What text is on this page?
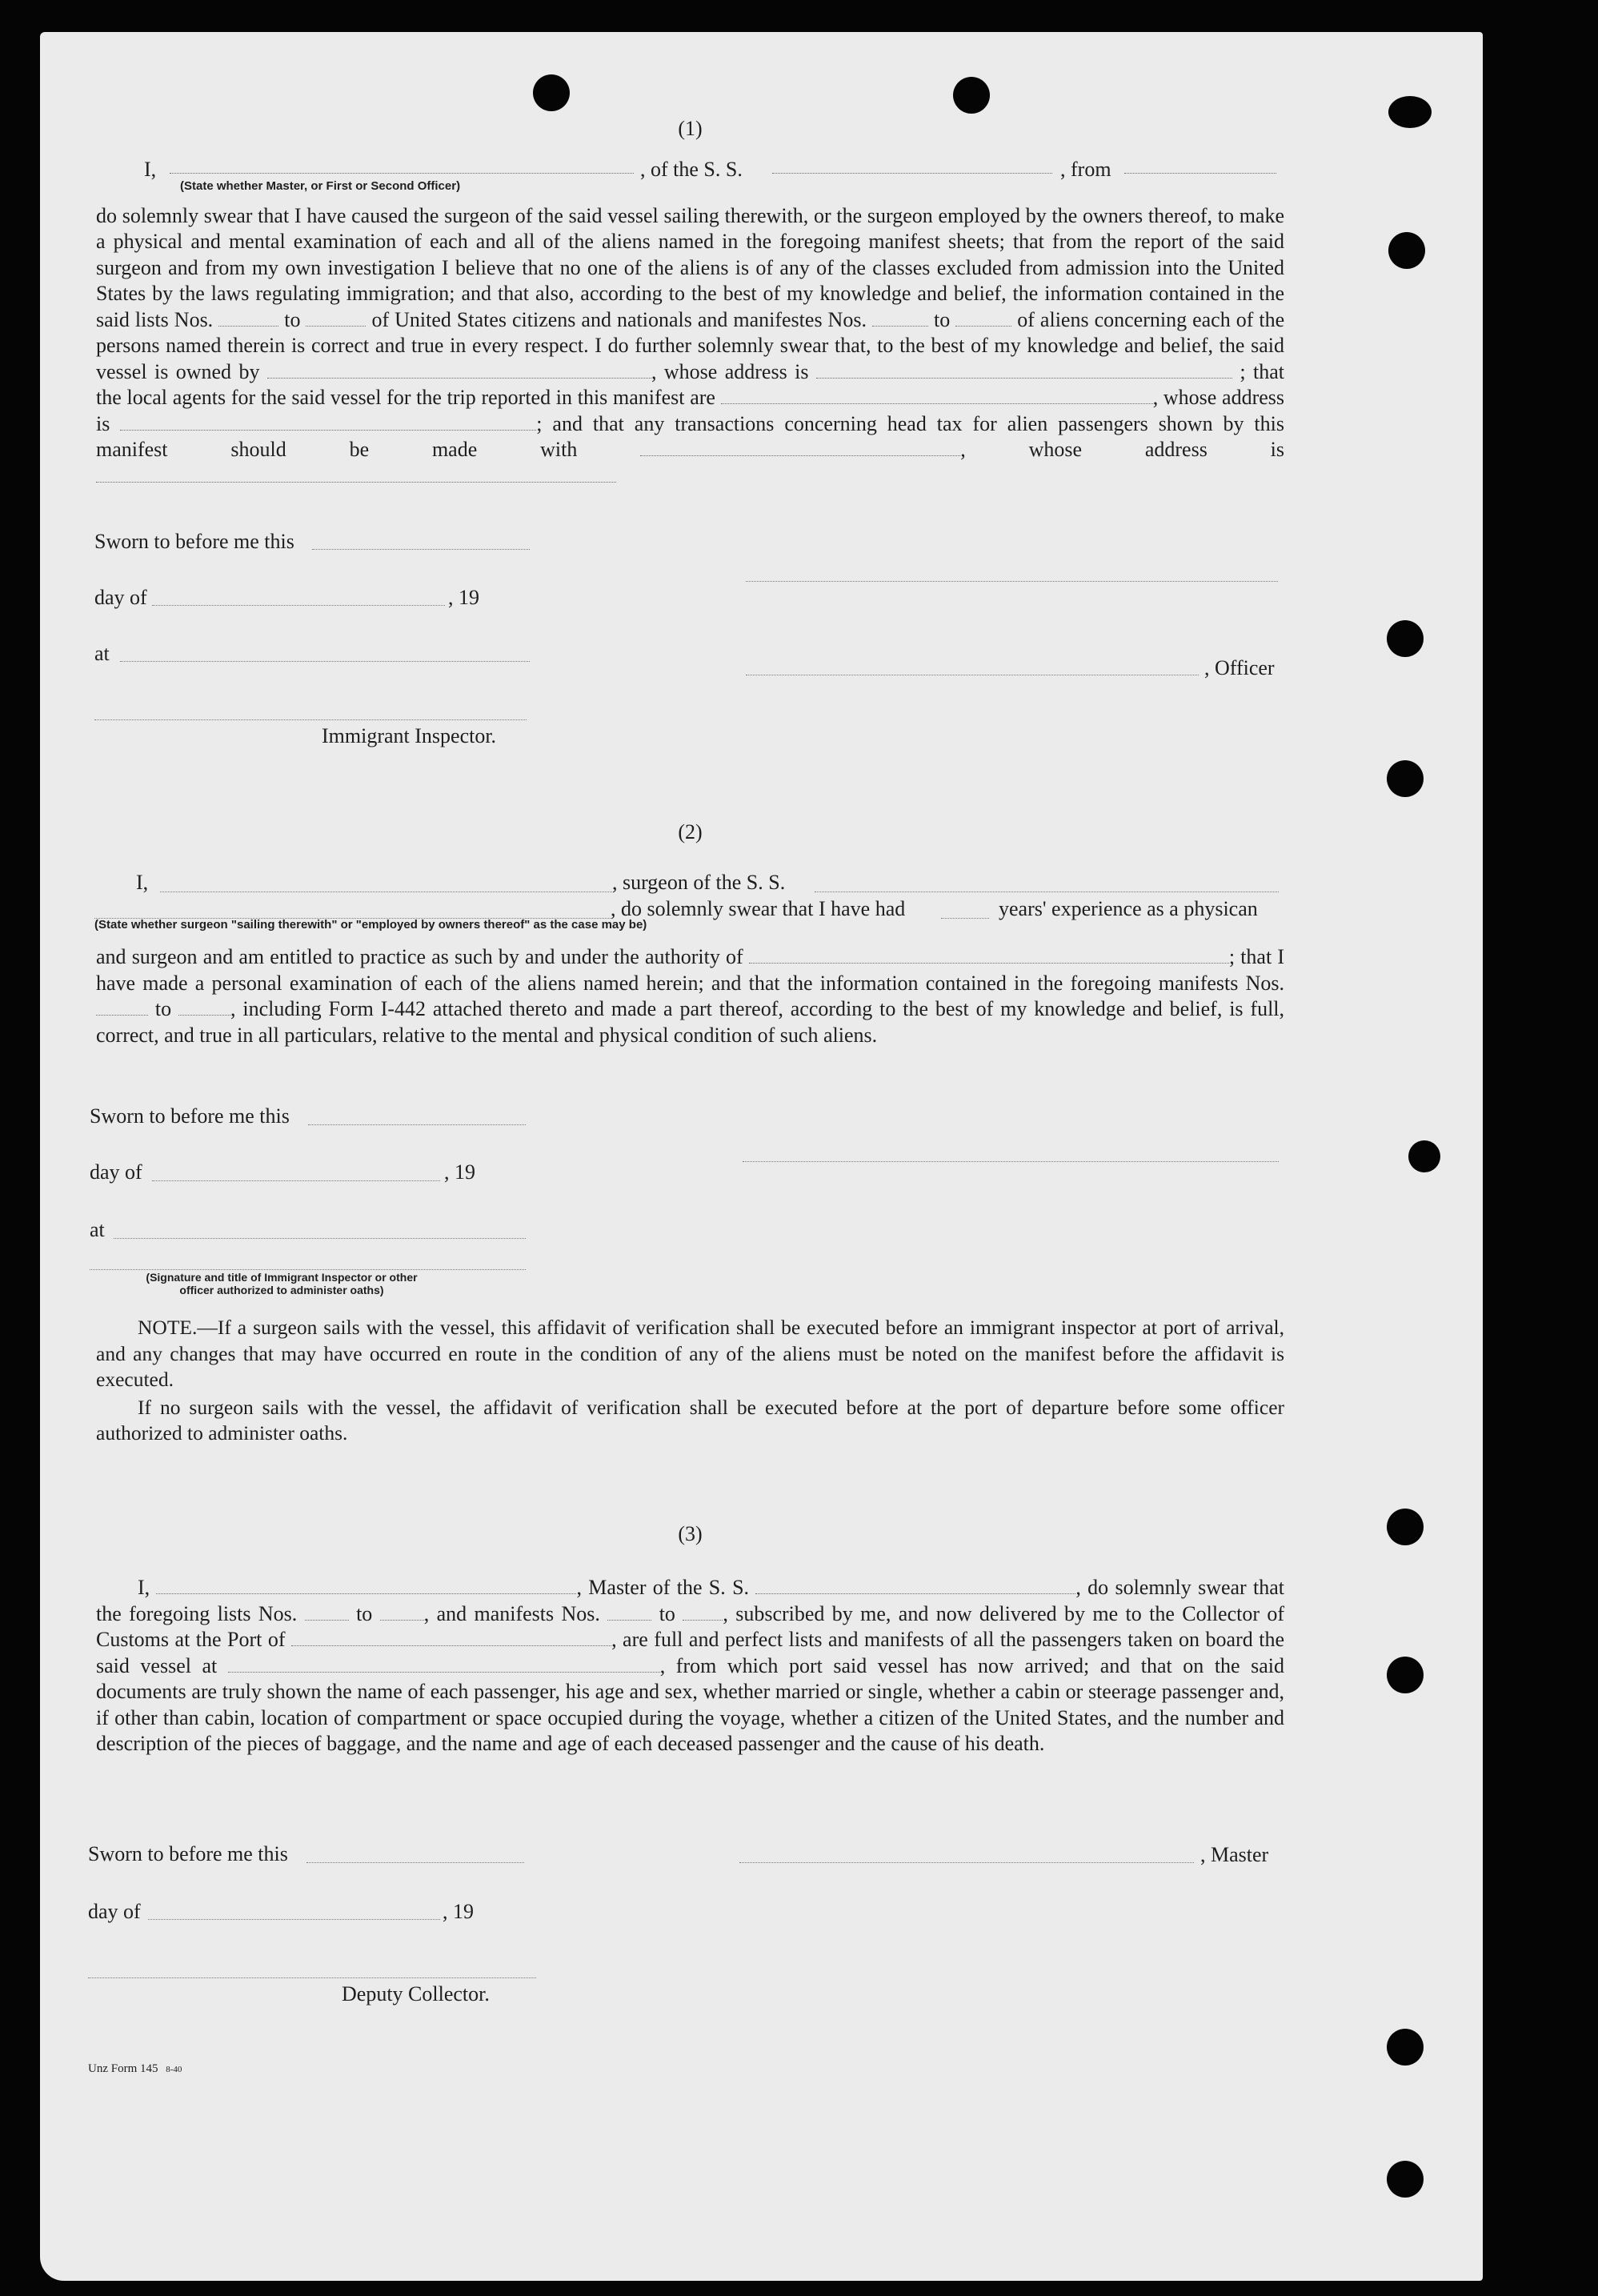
(1)

I,	, of the S. S.	, from
(State whether Master, or First or Second Officer)

do solemnly swear that I have caused the surgeon of the said vessel sailing therewith, or the surgeon employed by the owners thereof, to make a physical and mental examination of each and all of the aliens named in the foregoing manifest sheets; that from the report of the said surgeon and from my own investigation I believe that no one of the aliens is of any of the classes excluded from admission into the United States by the laws regulating immigration; and that also, according to the best of my knowledge and belief, the information contained in the said lists Nos.	to	of United States citizens and nationals and manifestes Nos.	to	of aliens concerning each of the persons named therein is correct and true in every respect. I do further solemnly swear that, to the best of my knowledge and belief, the said vessel is owned by	, whose address is	; that the local agents for the said vessel for the trip reported in this manifest are	, whose address is	; and that any transactions concerning head tax for alien passengers shown by this manifest should be made with	, whose address is

Sworn to before me this
day of	, 19
at
, Officer
Immigrant Inspector.
(2)
I,	, surgeon of the S. S.
, do solemnly swear that I have had	years' experience as a physican
(State whether surgeon "sailing therewith" or "employed by owners thereof" as the case may be)

and surgeon and am entitled to practice as such by and under the authority of	; that I have made a personal examination of each of the aliens named herein; and that the information contained in the foregoing manifests Nos.  to	, including Form I-442 attached thereto and made a part thereof, according to the best of my knowledge and belief, is full, correct, and true in all particulars, relative to the mental and physical condition of such aliens.

Sworn to before me this
day of	, 19
at
(Signature and title of Immigrant Inspector or other
officer authorized to administer oaths)

NOTE.—If a surgeon sails with the vessel, this affidavit of verification shall be executed before an immigrant inspector at port of arrival, and any changes that may have occurred en route in the condition of any of the aliens must be noted on the manifest before the affidavit is executed.

If no surgeon sails with the vessel, the affidavit of verification shall be executed before at the port of departure before some officer authorized to administer oaths.

(3)

I,	, Master of the S. S.	, do solemnly swear that the foregoing lists Nos.	to , and manifests Nos.	to , subscribed by me, and now delivered by me to the Collector of Customs at the Port of	, are full and perfect lists and manifests of all the passengers taken on board the said vessel at	, from which port said vessel has now arrived; and that on the said documents are truly shown the name of each passenger, his age and sex, whether married or single, whether a cabin or steerage passenger and, if other than cabin, location of compartment or space occupied during the voyage, whether a citizen of the United States, and the number and description of the pieces of baggage, and the name and age of each deceased passenger and the cause of his death.

Sworn to before me this	, Master
day of	, 19
Deputy Collector.
Unz Form 145 8-40
